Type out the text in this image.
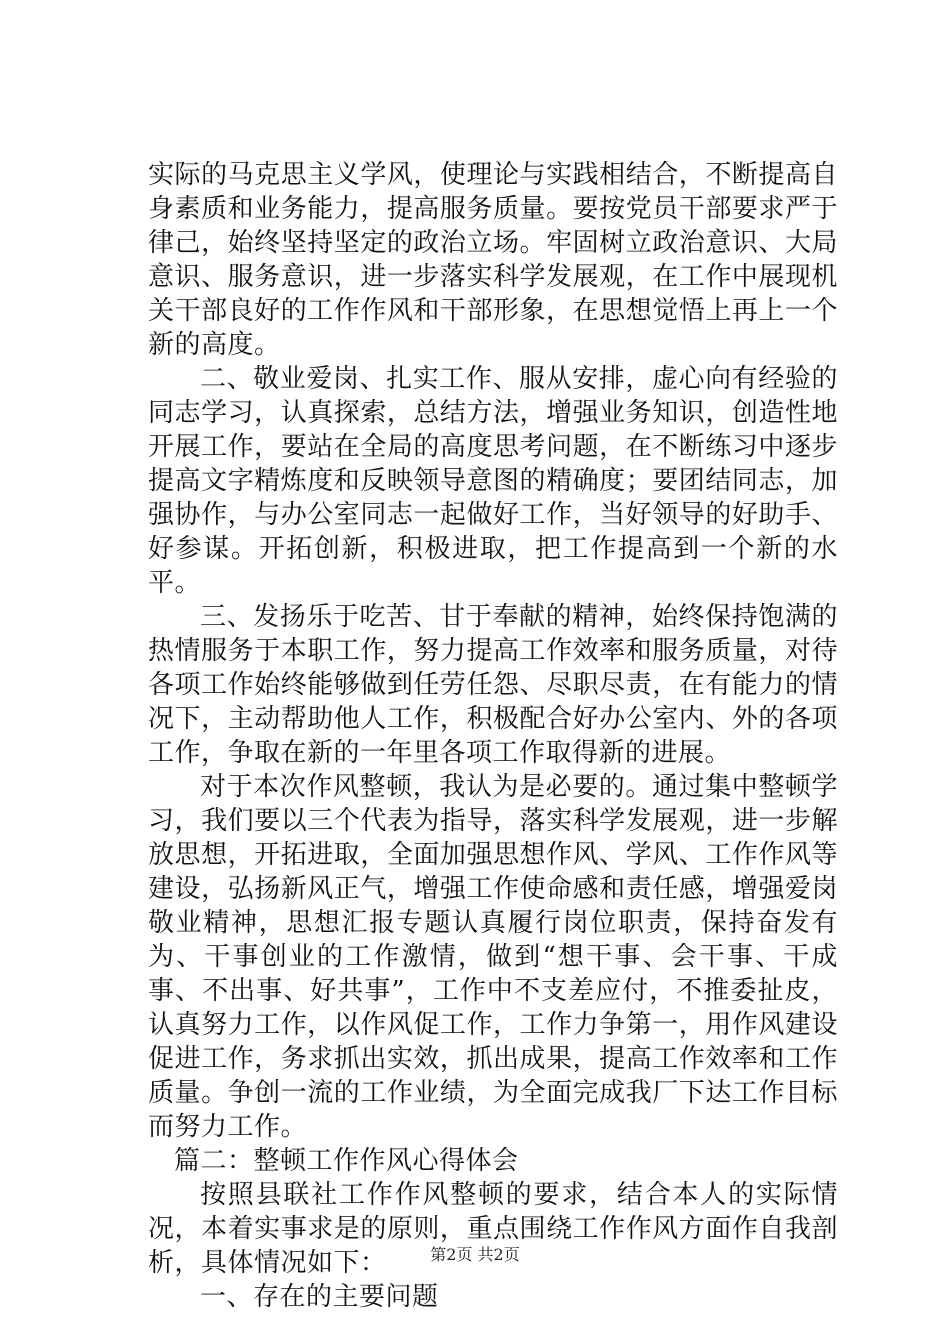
实际的马克思主义学风，使理论与实践相结合，不断提高自身素质和业务能力，提高服务质量。要按党员干部要求严于律己，始终坚持坚定的政治立场。牢固树立政治意识、大局意识、服务意识，进一步落实科学发展观，在工作中展现机关干部良好的工作作风和干部形象，在思想觉悟上再上一个新的高度。

二、敬业爱岗、扎实工作、服从安排，虚心向有经验的同志学习，认真探索，总结方法，增强业务知识，创造性地开展工作，要站在全局的高度思考问题，在不断练习中逐步提高文字精炼度和反映领导意图的精确度；要团结同志，加强协作，与办公室同志一起做好工作，当好领导的好助手、好参谋。开拓创新，积极进取，把工作提高到一个新的水平。

三、发扬乐于吃苦、甘于奉献的精神，始终保持饱满的热情服务于本职工作，努力提高工作效率和服务质量，对待各项工作始终能够做到任劳任怨、尽职尽责，在有能力的情况下，主动帮助他人工作，积极配合好办公室内、外的各项工作，争取在新的一年里各项工作取得新的进展。

对于本次作风整顿，我认为是必要的。通过集中整顿学习，我们要以三个代表为指导，落实科学发展观，进一步解放思想，开拓进取，全面加强思想作风、学风、工作作风等建设，弘扬新风正气，增强工作使命感和责任感，增强爱岗敬业精神，思想汇报专题认真履行岗位职责，保持奋发有为、干事创业的工作激情，做到“想干事、会干事、干成事、不出事、好共事”，工作中不支差应付，不推委扯皮，认真努力工作，以作风促工作，工作力争第一，用作风建设促进工作，务求抓出实效，抓出成果，提高工作效率和工作质量。争创一流的工作业绩，为全面完成我厂下达工作目标而努力工作。

篇二：整顿工作作风心得体会

按照县联社工作作风整顿的要求，结合本人的实际情况，本着实事求是的原则，重点围绕工作作风方面作自我剖析，具体情况如下：

一、存在的主要问题

第2页 共2页
